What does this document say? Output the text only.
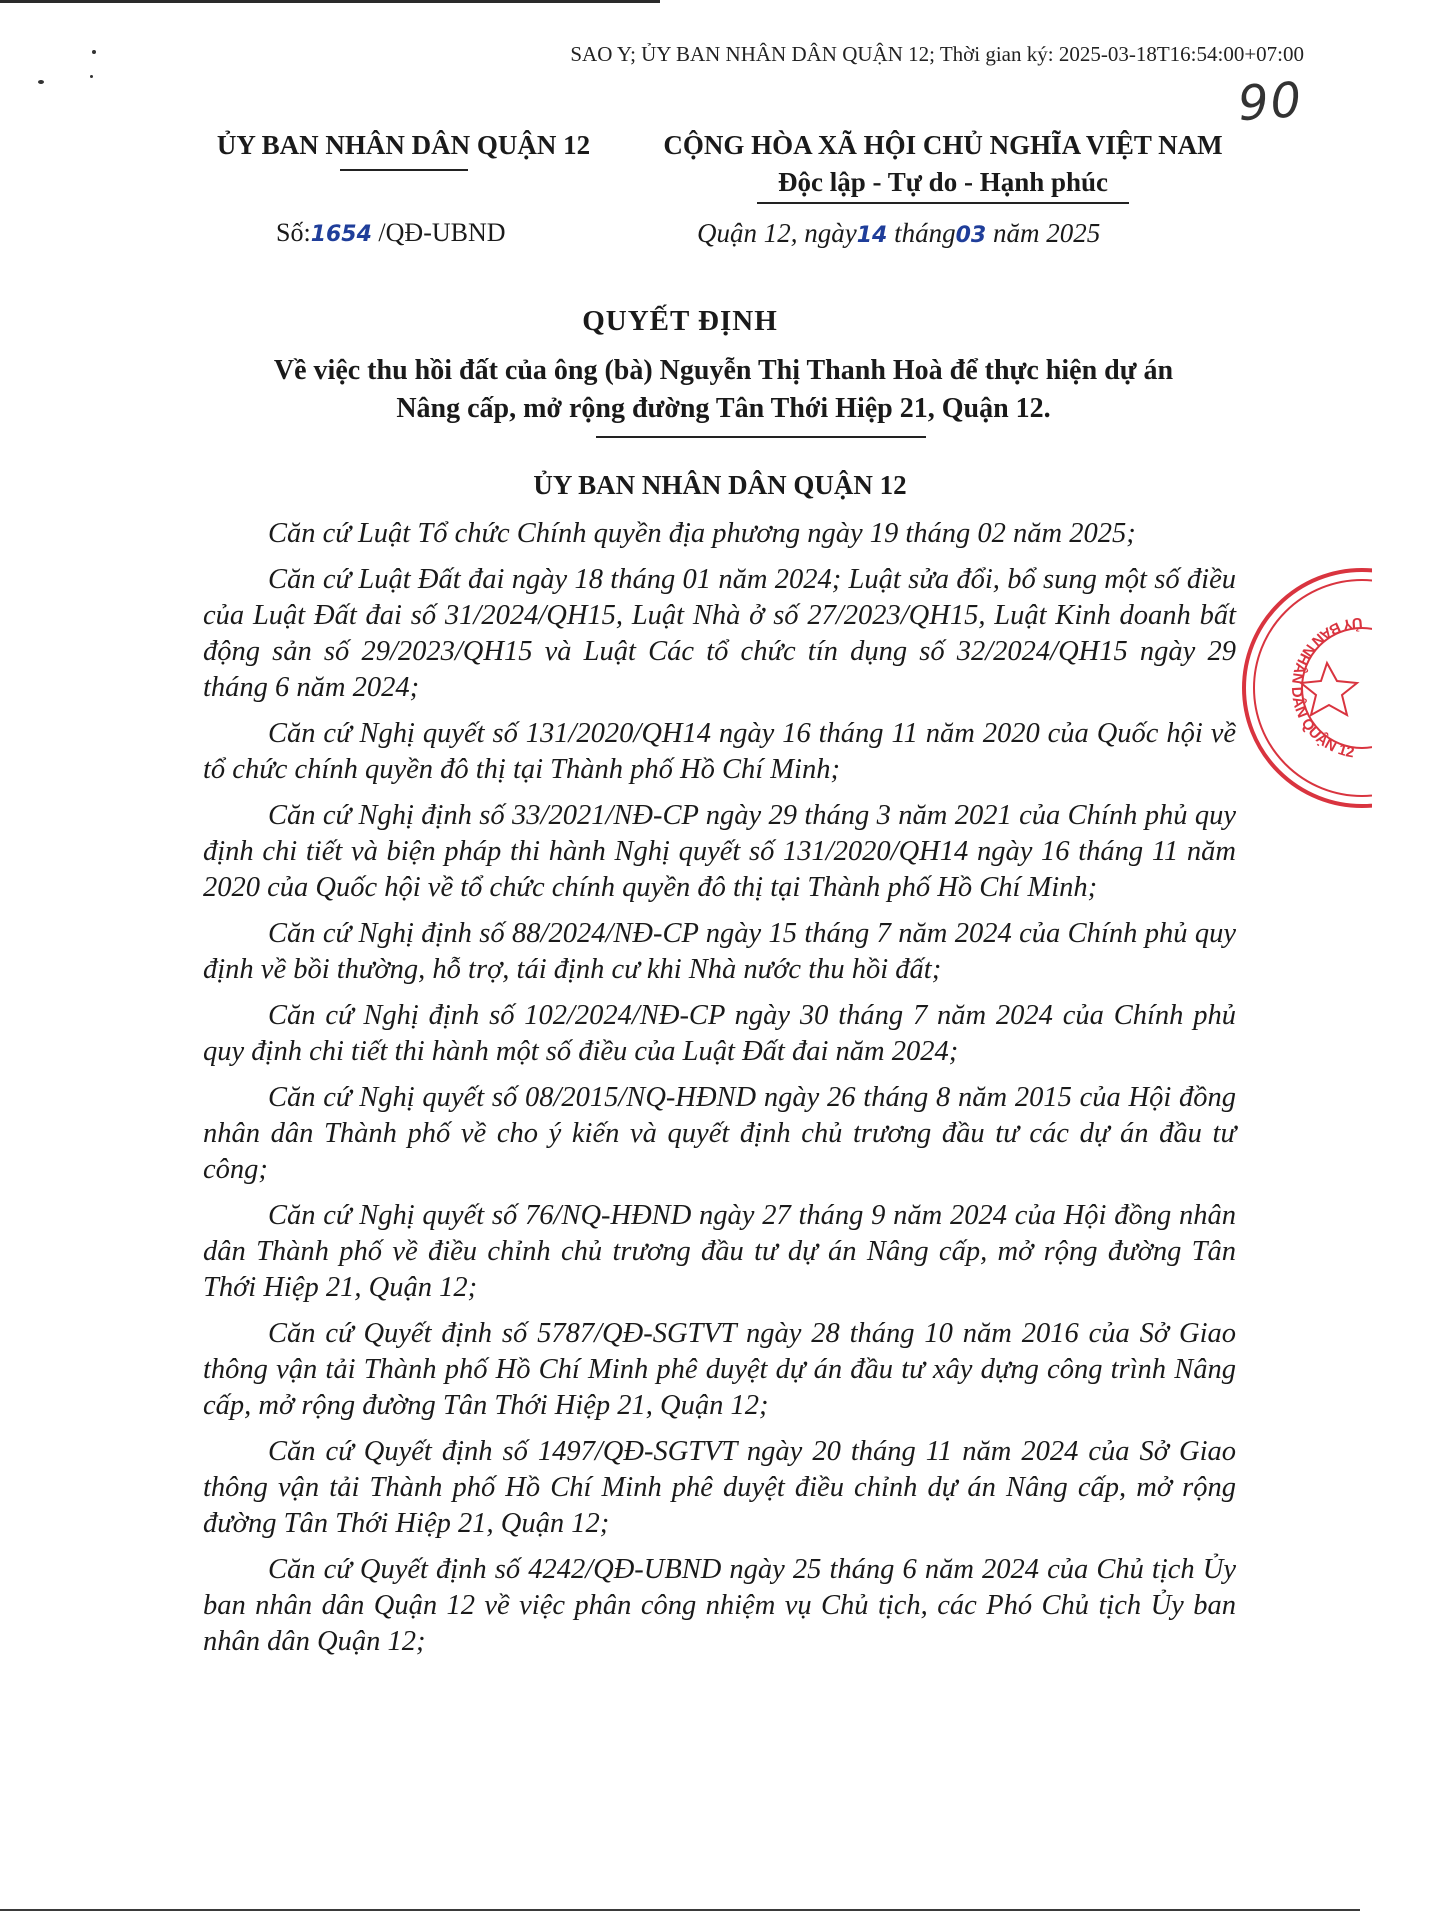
SAO Y; ỦY BAN NHÂN DÂN QUẬN 12; Thời gian ký: 2025-03-18T16:54:00+07:00
90
ỦY BAN NHÂN DÂN QUẬN 12	CỘNG HÒA XÃ HỘI CHỦ NGHĨA VIỆT NAM
Độc lập - Tự do - Hạnh phúc
Số:1654 /QĐ-UBND	Quận 12, ngày14 tháng03 năm 2025
QUYẾT ĐỊNH
Về việc thu hồi đất của ông (bà) Nguyễn Thị Thanh Hoà để thực hiện dự án
Nâng cấp, mở rộng đường Tân Thới Hiệp 21, Quận 12.
ỦY BAN NHÂN DÂN QUẬN 12

Căn cứ Luật Tổ chức Chính quyền địa phương ngày 19 tháng 02 năm 2025;

Căn cứ Luật Đất đai ngày 18 tháng 01 năm 2024; Luật sửa đổi, bổ sung một số điều của Luật Đất đai số 31/2024/QH15, Luật Nhà ở số 27/2023/QH15, Luật Kinh doanh bất động sản số 29/2023/QH15 và Luật Các tổ chức tín dụng số 32/2024/QH15 ngày 29 tháng 6 năm 2024;

Căn cứ Nghị quyết số 131/2020/QH14 ngày 16 tháng 11 năm 2020 của Quốc hội về tổ chức chính quyền đô thị tại Thành phố Hồ Chí Minh;

Căn cứ Nghị định số 33/2021/NĐ-CP ngày 29 tháng 3 năm 2021 của Chính phủ quy định chi tiết và biện pháp thi hành Nghị quyết số 131/2020/QH14 ngày 16 tháng 11 năm 2020 của Quốc hội về tổ chức chính quyền đô thị tại Thành phố Hồ Chí Minh;

Căn cứ Nghị định số 88/2024/NĐ-CP ngày 15 tháng 7 năm 2024 của Chính phủ quy định về bồi thường, hỗ trợ, tái định cư khi Nhà nước thu hồi đất;

Căn cứ Nghị định số 102/2024/NĐ-CP ngày 30 tháng 7 năm 2024 của Chính phủ quy định chi tiết thi hành một số điều của Luật Đất đai năm 2024;

Căn cứ Nghị quyết số 08/2015/NQ-HĐND ngày 26 tháng 8 năm 2015 của Hội đồng nhân dân Thành phố về cho ý kiến và quyết định chủ trương đầu tư các dự án đầu tư công;

Căn cứ Nghị quyết số 76/NQ-HĐND ngày 27 tháng 9 năm 2024 của Hội đồng nhân dân Thành phố về điều chỉnh chủ trương đầu tư dự án Nâng cấp, mở rộng đường Tân Thới Hiệp 21, Quận 12;

Căn cứ Quyết định số 5787/QĐ-SGTVT ngày 28 tháng 10 năm 2016 của Sở Giao thông vận tải Thành phố Hồ Chí Minh phê duyệt dự án đầu tư xây dựng công trình Nâng cấp, mở rộng đường Tân Thới Hiệp 21, Quận 12;

Căn cứ Quyết định số 1497/QĐ-SGTVT ngày 20 tháng 11 năm 2024 của Sở Giao thông vận tải Thành phố Hồ Chí Minh phê duyệt điều chỉnh dự án Nâng cấp, mở rộng đường Tân Thới Hiệp 21, Quận 12;

Căn cứ Quyết định số 4242/QĐ-UBND ngày 25 tháng 6 năm 2024 của Chủ tịch Ủy ban nhân dân Quận 12 về việc phân công nhiệm vụ Chủ tịch, các Phó Chủ tịch Ủy ban nhân dân Quận 12;

ỦY BAN NHÂN DÂN QUẬN 12
